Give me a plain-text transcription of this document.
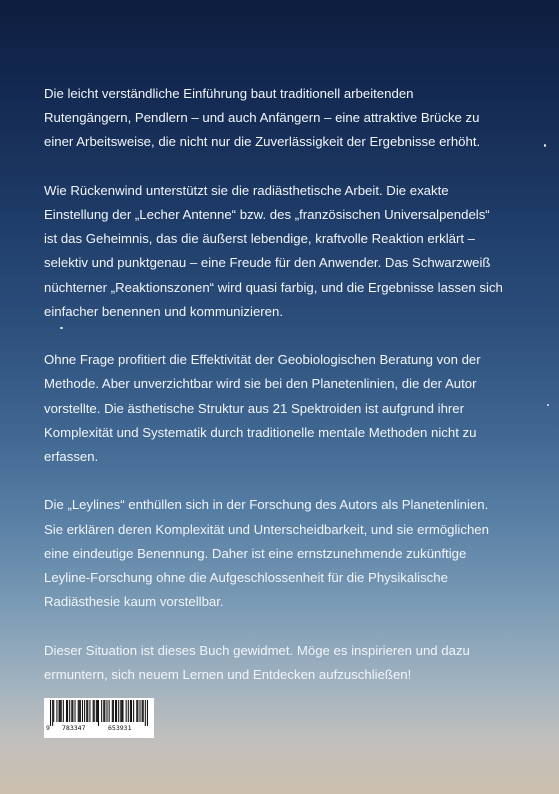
Die leicht verständliche Einführung baut traditionell arbeitenden
Rutengängern, Pendlern – und auch Anfängern – eine attraktive Brücke zu
einer Arbeitsweise, die nicht nur die Zuverlässigkeit der Ergebnisse erhöht.

Wie Rückenwind unterstützt sie die radiästhetische Arbeit. Die exakte
Einstellung der „Lecher Antenne“ bzw. des „französischen Universalpendels“
ist das Geheimnis, das die äußerst lebendige, kraftvolle Reaktion erklärt –
selektiv und punktgenau – eine Freude für den Anwender. Das Schwarzweiß
nüchterner „Reaktionszonen“ wird quasi farbig, und die Ergebnisse lassen sich
einfacher benennen und kommunizieren.

Ohne Frage profitiert die Effektivität der Geobiologischen Beratung von der
Methode. Aber unverzichtbar wird sie bei den Planetenlinien, die der Autor
vorstellte. Die ästhetische Struktur aus 21 Spektroiden ist aufgrund ihrer
Komplexität und Systematik durch traditionelle mentale Methoden nicht zu
erfassen.

Die „Leylines“ enthüllen sich in der Forschung des Autors als Planetenlinien.
Sie erklären deren Komplexität und Unterscheidbarkeit, und sie ermöglichen
eine eindeutige Benennung. Daher ist eine ernstzunehmende zukünftige
Leyline-Forschung ohne die Aufgeschlossenheit für die Physikalische
Radiästhesie kaum vorstellbar.

Dieser Situation ist dieses Buch gewidmet. Möge es inspirieren und dazu
ermuntern, sich neuem Lernen und Entdecken aufzuschließen!

9 783347	653931
